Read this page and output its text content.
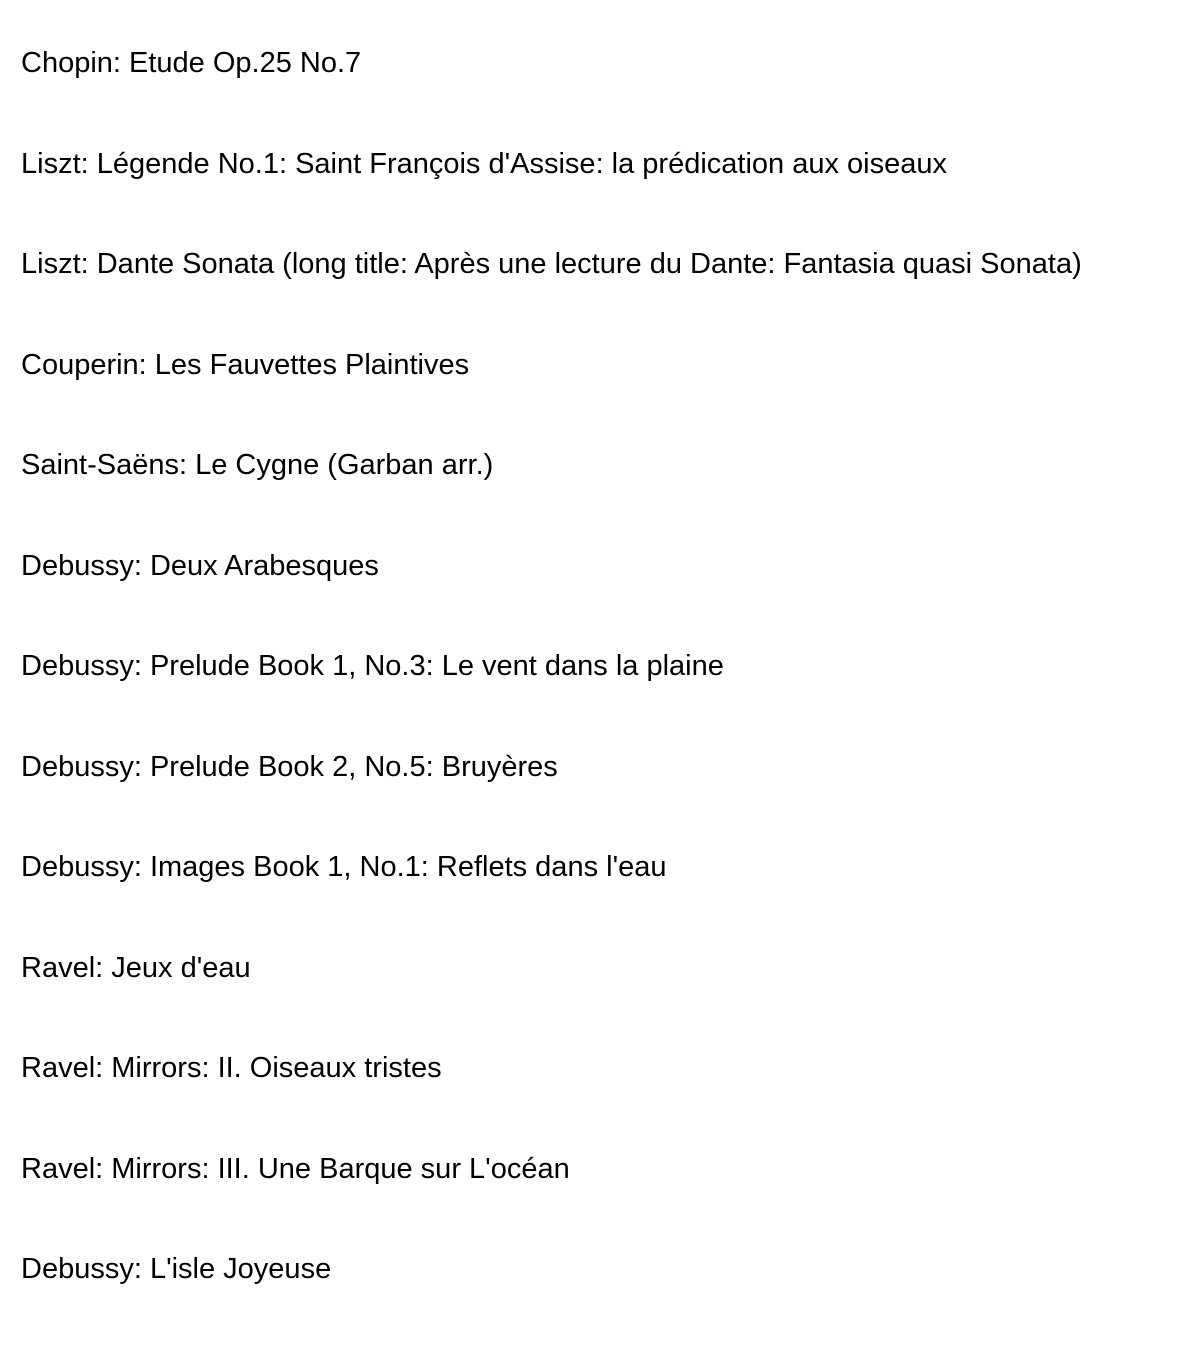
Chopin: Etude Op.25 No.7
Liszt: Légende No.1: Saint François d'Assise: la prédication aux oiseaux
Liszt: Dante Sonata (long title: Après une lecture du Dante: Fantasia quasi Sonata)
Couperin: Les Fauvettes Plaintives
Saint-Saëns: Le Cygne (Garban arr.)
Debussy: Deux Arabesques
Debussy: Prelude Book 1, No.3: Le vent dans la plaine
Debussy: Prelude Book 2, No.5: Bruyères
Debussy: Images Book 1, No.1: Reflets dans l'eau
Ravel: Jeux d'eau
Ravel: Mirrors: II. Oiseaux tristes
Ravel: Mirrors: III. Une Barque sur L'océan
Debussy: L'isle Joyeuse
